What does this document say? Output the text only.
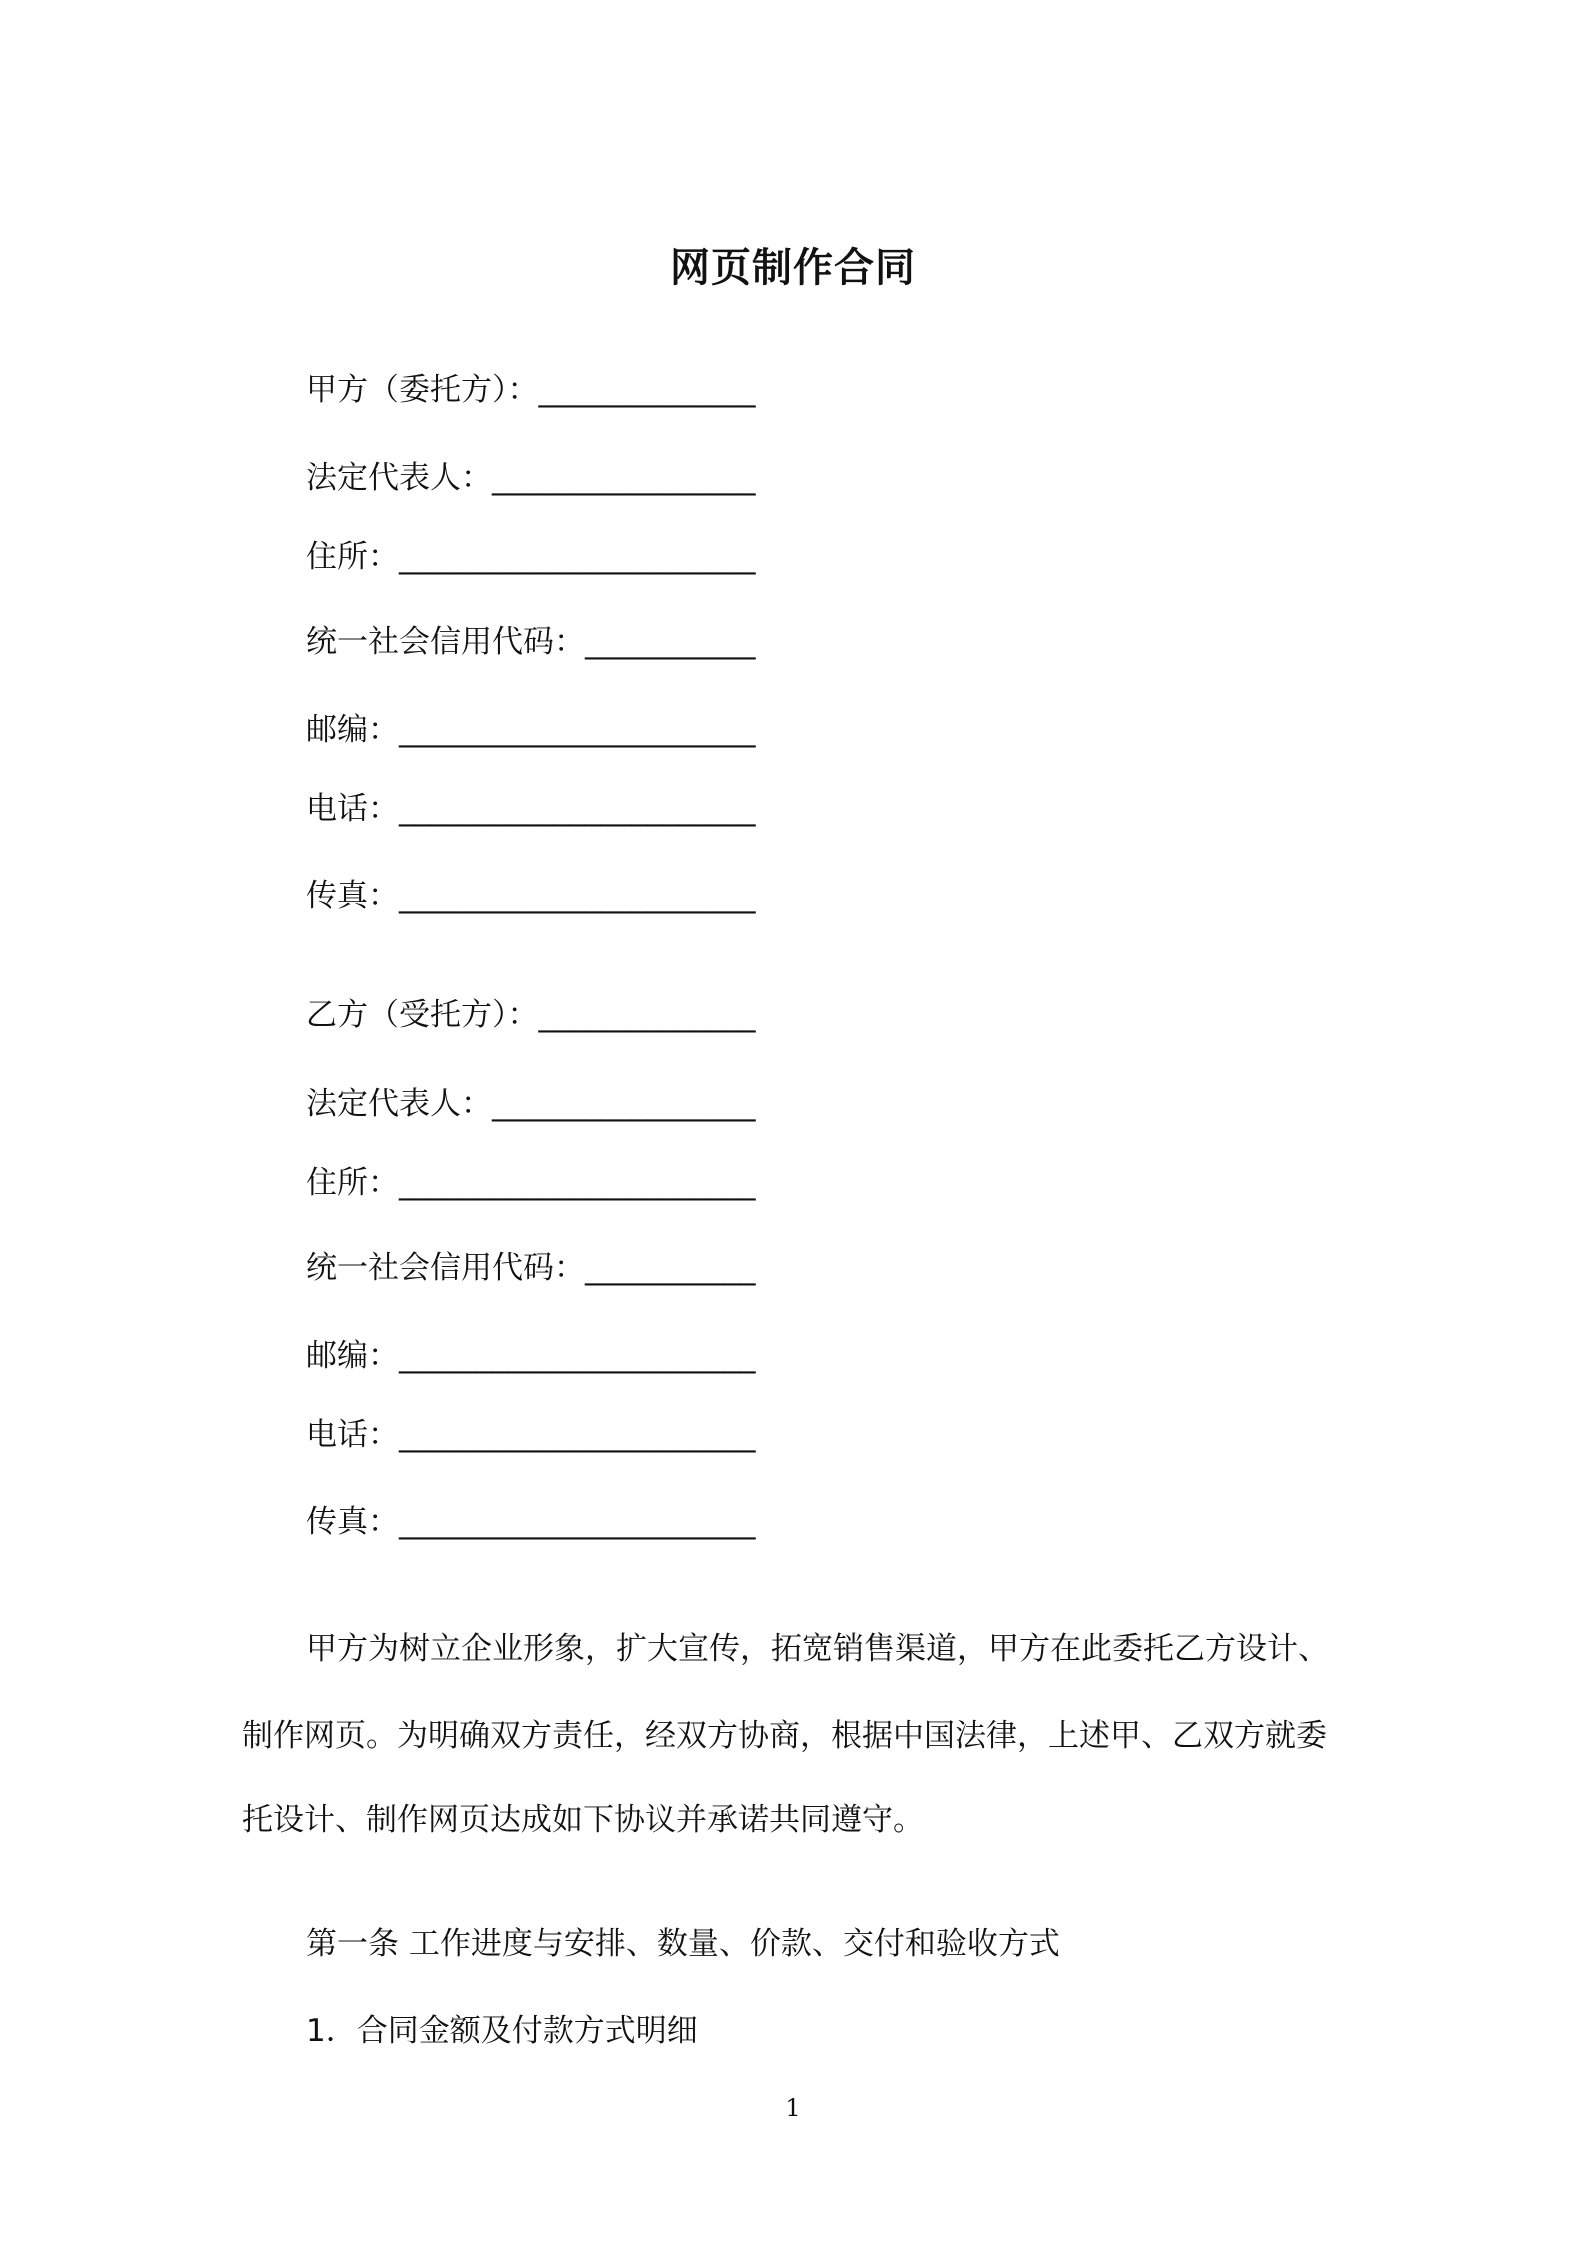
网页制作合同
甲方（委托方）：______________
法定代表人：_________________
住所：_______________________
统一社会信用代码：___________
邮编：_______________________
电话：_______________________
传真：_______________________
乙方（受托方）：______________
法定代表人：_________________
住所：_______________________
统一社会信用代码：___________
邮编：_______________________
电话：_______________________
传真：_______________________
甲方为树立企业形象，扩大宣传，拓宽销售渠道，甲方在此委托乙方设计、
制作网页。为明确双方责任，经双方协商，根据中国法律，上述甲、乙双方就委
托设计、制作网页达成如下协议并承诺共同遵守。
第一条 工作进度与安排、数量、价款、交付和验收方式
1．合同金额及付款方式明细
1
